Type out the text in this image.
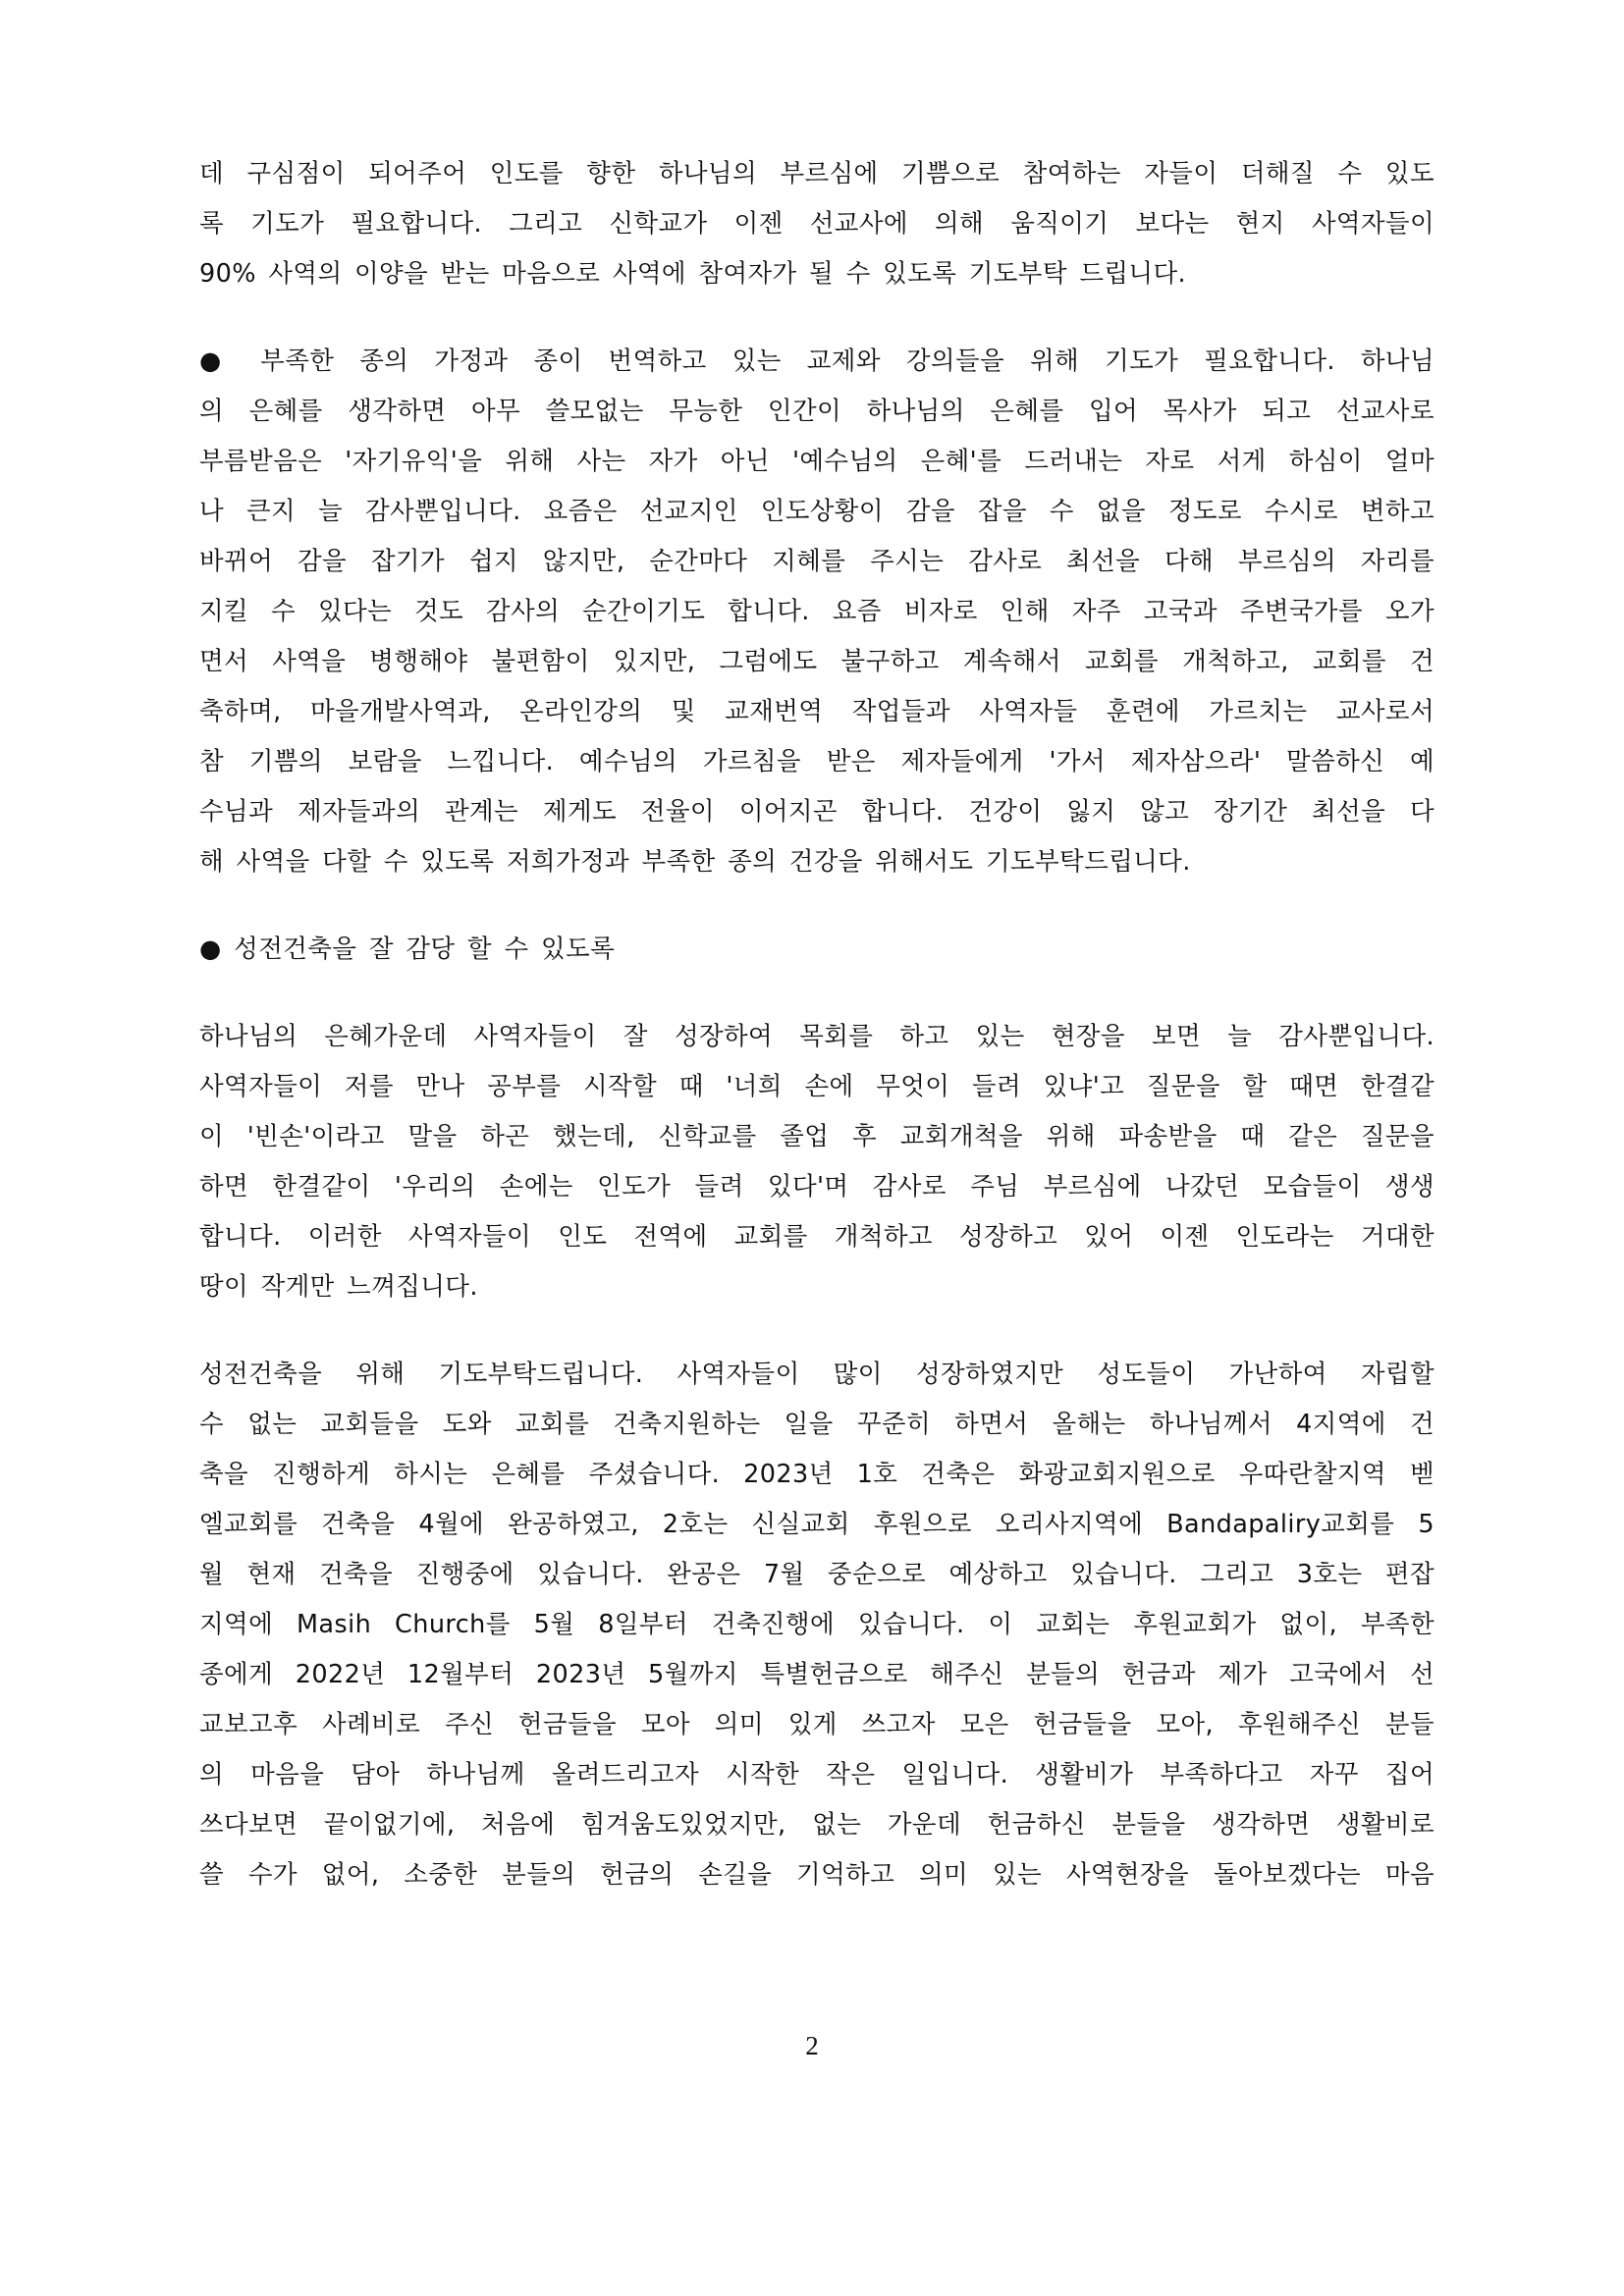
데 구심점이 되어주어 인도를 향한 하나님의 부르심에 기쁨으로 참여하는 자들이 더해질 수 있도
록 기도가 필요합니다. 그리고 신학교가 이젠 선교사에 의해 움직이기 보다는 현지 사역자들이
90% 사역의 이양을 받는 마음으로 사역에 참여자가 될 수 있도록 기도부탁 드립니다.

● 부족한 종의 가정과 종이 번역하고 있는 교제와 강의들을 위해 기도가 필요합니다. 하나님
의 은혜를 생각하면 아무 쓸모없는 무능한 인간이 하나님의 은혜를 입어 목사가 되고 선교사로
부름받음은 '자기유익'을 위해 사는 자가 아닌 '예수님의 은혜'를 드러내는 자로 서게 하심이 얼마
나 큰지 늘 감사뿐입니다. 요즘은 선교지인 인도상황이 감을 잡을 수 없을 정도로 수시로 변하고
바뀌어 감을 잡기가 쉽지 않지만, 순간마다 지혜를 주시는 감사로 최선을 다해 부르심의 자리를
지킬 수 있다는 것도 감사의 순간이기도 합니다. 요즘 비자로 인해 자주 고국과 주변국가를 오가
면서 사역을 병행해야 불편함이 있지만, 그럼에도 불구하고 계속해서 교회를 개척하고, 교회를 건
축하며, 마을개발사역과, 온라인강의 및 교재번역 작업들과 사역자들 훈련에 가르치는 교사로서
참 기쁨의 보람을 느낍니다. 예수님의 가르침을 받은 제자들에게 '가서 제자삼으라' 말씀하신 예
수님과 제자들과의 관계는 제게도 전율이 이어지곤 합니다. 건강이 잃지 않고 장기간 최선을 다
해 사역을 다할 수 있도록 저희가정과 부족한 종의 건강을 위해서도 기도부탁드립니다.

● 성전건축을 잘 감당 할 수 있도록

하나님의 은혜가운데 사역자들이 잘 성장하여 목회를 하고 있는 현장을 보면 늘 감사뿐입니다.
사역자들이 저를 만나 공부를 시작할 때 '너희 손에 무엇이 들려 있냐'고 질문을 할 때면 한결같
이 '빈손'이라고 말을 하곤 했는데, 신학교를 졸업 후 교회개척을 위해 파송받을 때 같은 질문을
하면 한결같이 '우리의 손에는 인도가 들려 있다'며 감사로 주님 부르심에 나갔던 모습들이 생생
합니다. 이러한 사역자들이 인도 전역에 교회를 개척하고 성장하고 있어 이젠 인도라는 거대한
땅이 작게만 느껴집니다.

성전건축을 위해 기도부탁드립니다. 사역자들이 많이 성장하였지만 성도들이 가난하여 자립할
수 없는 교회들을 도와 교회를 건축지원하는 일을 꾸준히 하면서 올해는 하나님께서 4지역에 건
축을 진행하게 하시는 은혜를 주셨습니다. 2023년 1호 건축은 화광교회지원으로 우따란찰지역 벧
엘교회를 건축을 4월에 완공하였고, 2호는 신실교회 후원으로 오리사지역에 Bandapaliry교회를 5
월 현재 건축을 진행중에 있습니다. 완공은 7월 중순으로 예상하고 있습니다. 그리고 3호는 편잡
지역에 Masih Church를 5월 8일부터 건축진행에 있습니다. 이 교회는 후원교회가 없이, 부족한
종에게 2022년 12월부터 2023년 5월까지 특별헌금으로 해주신 분들의 헌금과 제가 고국에서 선
교보고후 사례비로 주신 헌금들을 모아 의미 있게 쓰고자 모은 헌금들을 모아, 후원해주신 분들
의 마음을 담아 하나님께 올려드리고자 시작한 작은 일입니다. 생활비가 부족하다고 자꾸 집어
쓰다보면 끝이없기에, 처음에 힘겨움도있었지만, 없는 가운데 헌금하신 분들을 생각하면 생활비로
쓸 수가 없어, 소중한 분들의 헌금의 손길을 기억하고 의미 있는 사역현장을 돌아보겠다는 마음

2
